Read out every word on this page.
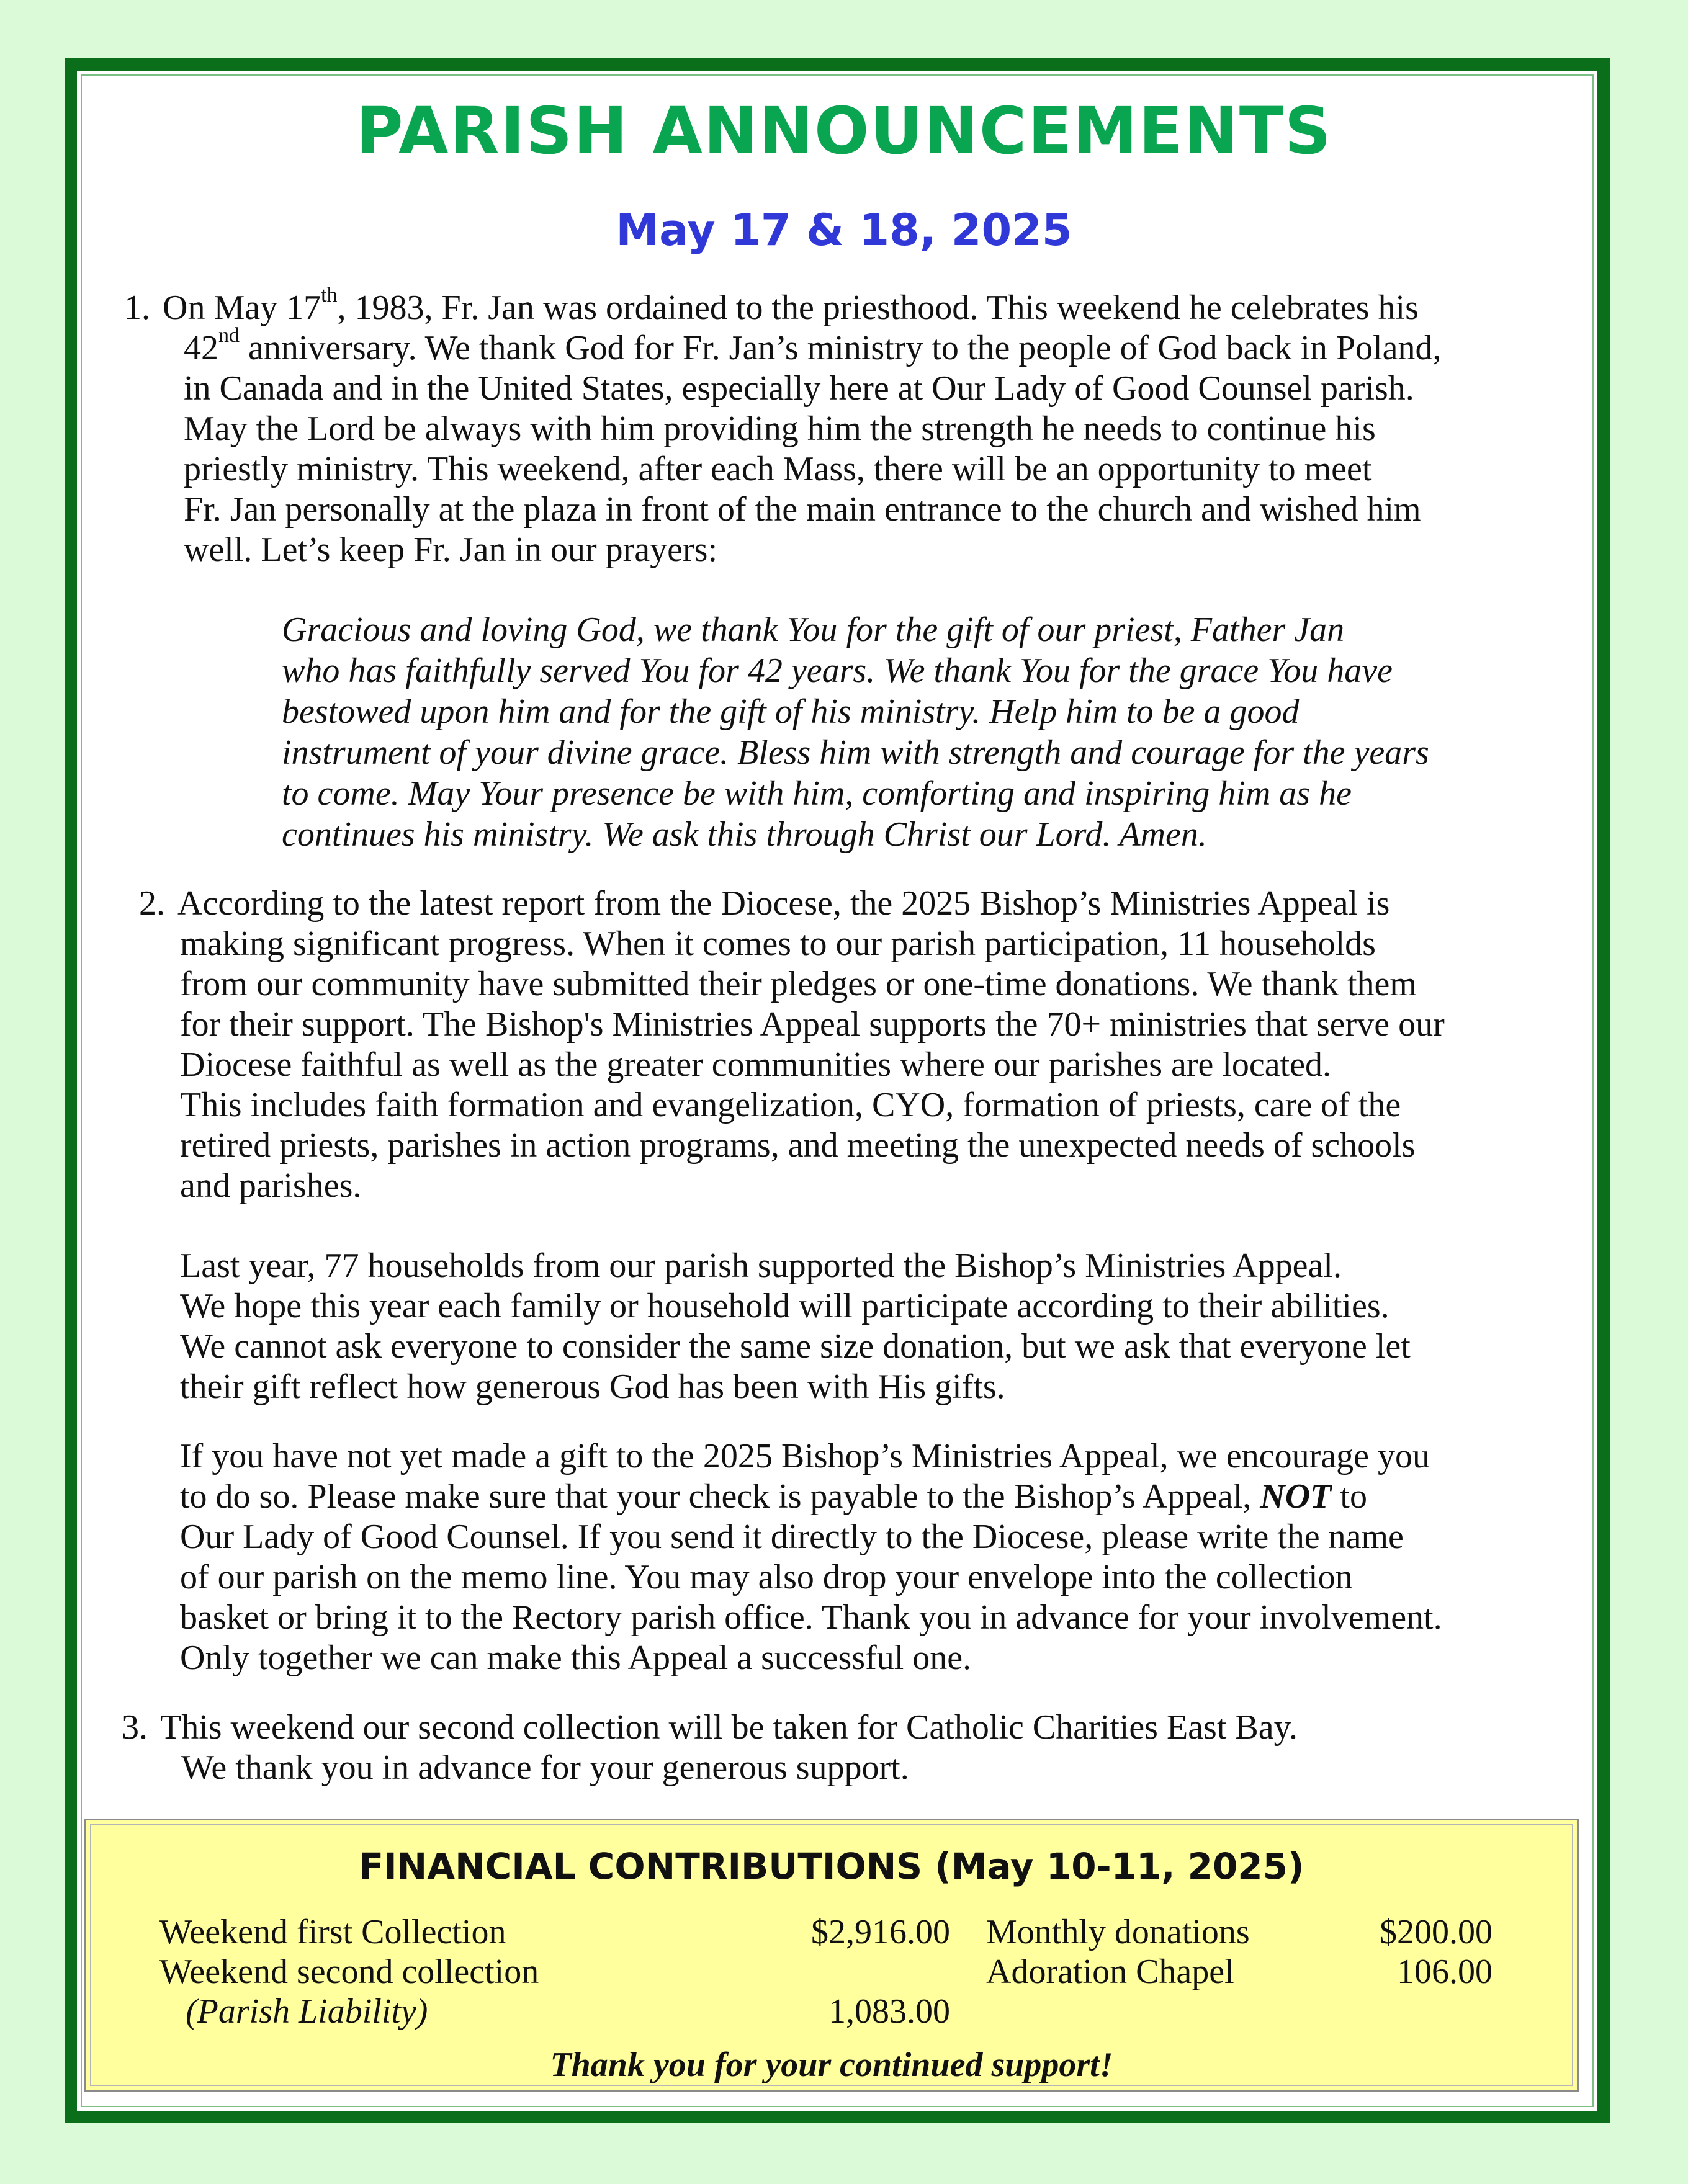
PARISH ANNOUNCEMENTS
May 17 & 18, 2025
1. On May 17th, 1983, Fr. Jan was ordained to the priesthood. This weekend he celebrates his
42nd anniversary. We thank God for Fr. Jan’s ministry to the people of God back in Poland,
in Canada and in the United States, especially here at Our Lady of Good Counsel parish.
May the Lord be always with him providing him the strength he needs to continue his
priestly ministry. This weekend, after each Mass, there will be an opportunity to meet
Fr. Jan personally at the plaza in front of the main entrance to the church and wished him
well. Let’s keep Fr. Jan in our prayers:
Gracious and loving God, we thank You for the gift of our priest, Father Jan
who has faithfully served You for 42 years. We thank You for the grace You have
bestowed upon him and for the gift of his ministry. Help him to be a good
instrument of your divine grace. Bless him with strength and courage for the years
to come. May Your presence be with him, comforting and inspiring him as he
continues his ministry. We ask this through Christ our Lord. Amen.
2. According to the latest report from the Diocese, the 2025 Bishop’s Ministries Appeal is
making significant progress. When it comes to our parish participation, 11 households
from our community have submitted their pledges or one-time donations. We thank them
for their support. The Bishop's Ministries Appeal supports the 70+ ministries that serve our
Diocese faithful as well as the greater communities where our parishes are located.
This includes faith formation and evangelization, CYO, formation of priests, care of the
retired priests, parishes in action programs, and meeting the unexpected needs of schools
and parishes.
Last year, 77 households from our parish supported the Bishop’s Ministries Appeal.
We hope this year each family or household will participate according to their abilities.
We cannot ask everyone to consider the same size donation, but we ask that everyone let
their gift reflect how generous God has been with His gifts.
If you have not yet made a gift to the 2025 Bishop’s Ministries Appeal, we encourage you
to do so. Please make sure that your check is payable to the Bishop’s Appeal, NOT to
Our Lady of Good Counsel. If you send it directly to the Diocese, please write the name
of our parish on the memo line. You may also drop your envelope into the collection
basket or bring it to the Rectory parish office. Thank you in advance for your involvement.
Only together we can make this Appeal a successful one.
3. This weekend our second collection will be taken for Catholic Charities East Bay.
We thank you in advance for your generous support.
FINANCIAL CONTRIBUTIONS (May 10-11, 2025)
Weekend first Collection	$2,916.00
Weekend second collection
(Parish Liability)	1,083.00
Monthly donations	$200.00
Adoration Chapel	106.00

Thank you for your continued support!
